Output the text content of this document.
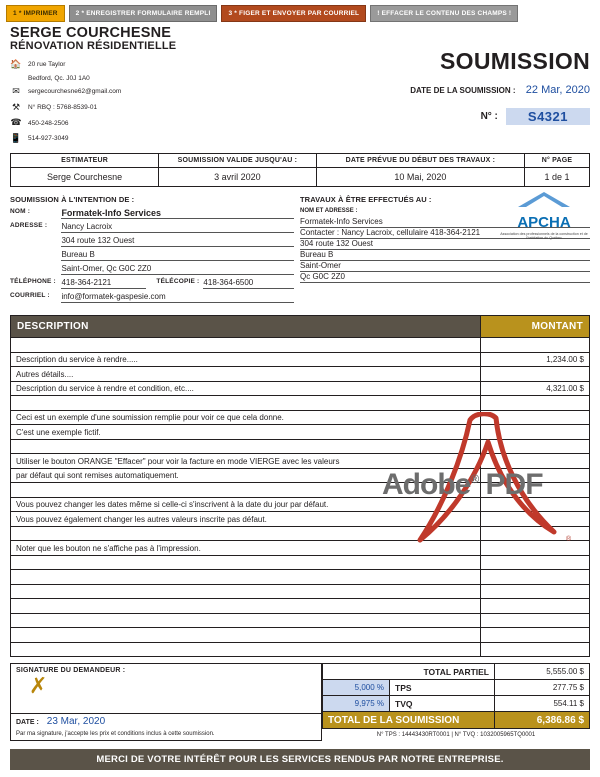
1 * IMPRIMER	2 * ENREGISTRER FORMULAIRE REMPLI	3 * FIGER ET ENVOYER PAR COURRIEL	! EFFACER LE CONTENU DES CHAMPS !
SERGE COURCHESNE
RÉNOVATION RÉSIDENTIELLE
🏠 20 rue Taylor
Bedford, Qc. J0J 1A0
✉	sergecourchesne62@gmail.com
⚒	N° RBQ : 5768-8539-01
☎ 450-248-2506
📱 514-927-3049
SOUMISSION
DATE DE LA SOUMISSION : 22 Mar, 2020
N° :	S4321
ESTIMATEUR	SOUMISSION VALIDE JUSQU'AU :	DATE PRÉVUE DU DÉBUT DES TRAVAUX :	N° PAGE
Serge Courchesne	3 avril 2020	10 Mai, 2020	1 de 1
SOUMISSION À L'INTENTION DE :
NOM :	Formatek-Info Services		

ADRESSE :	Nancy Lacroix		

	304 route 132 Ouest		

	Bureau B		

	Saint-Omer, Qc G0C 2Z0		

TÉLÉPHONE :	418-364-2121	TÉLÉCOPIE :	418-364-6500

COURRIEL :	info@formatek-gaspesie.com		
TRAVAUX À ÊTRE EFFECTUÉS AU :
NOM ET ADRESSE :
Formatek-Info Services
Contacter : Nancy Lacroix, cellulaire 418-364-2121
304 route 132 Ouest
Bureau B
Saint-Omer
Qc G0C 2Z0
APCHA
Association des professionnels de la construction et de l'habitation du Québec
DESCRIPTION	MONTANT

Description du service à rendre.....	1,234.00 $
Autres détails....	
Description du service à rendre et condition, etc....	4,321.00 $

Ceci est un exemple d'une soumission remplie pour voir ce que cela donne.	
C'est une exemple fictif.	

Utiliser le bouton ORANGE "Effacer" pour voir la facture en mode VIERGE avec les valeurs	
par défaut qui sont remises automatiquement.	

Vous pouvez changer les dates même si celle-ci s'inscrivent à la date du jour par défaut.	
Vous pouvez également changer les autres valeurs inscrite pas défaut.	

Noter que les bouton ne s'affiche pas à l'impression.	

SIGNATURE DU DEMANDEUR :
✗
DATE : 23 Mar, 2020
Par ma signature, j'accepte les prix et conditions inclus à cette soumission.
TOTAL PARTIEL		5,555.00 $
5,000 %	TPS	277.75 $
9,975 %	TVQ	554.11 $
TOTAL DE LA SOUMISSION		6,386.86 $
N° TPS : 14443430RT0001 | N° TVQ : 1032005965TQ0001		
MERCI DE VOTRE INTÉRÊT POUR LES SERVICES RENDUS PAR NOTRE ENTREPRISE.
Adobe® PDF
®
